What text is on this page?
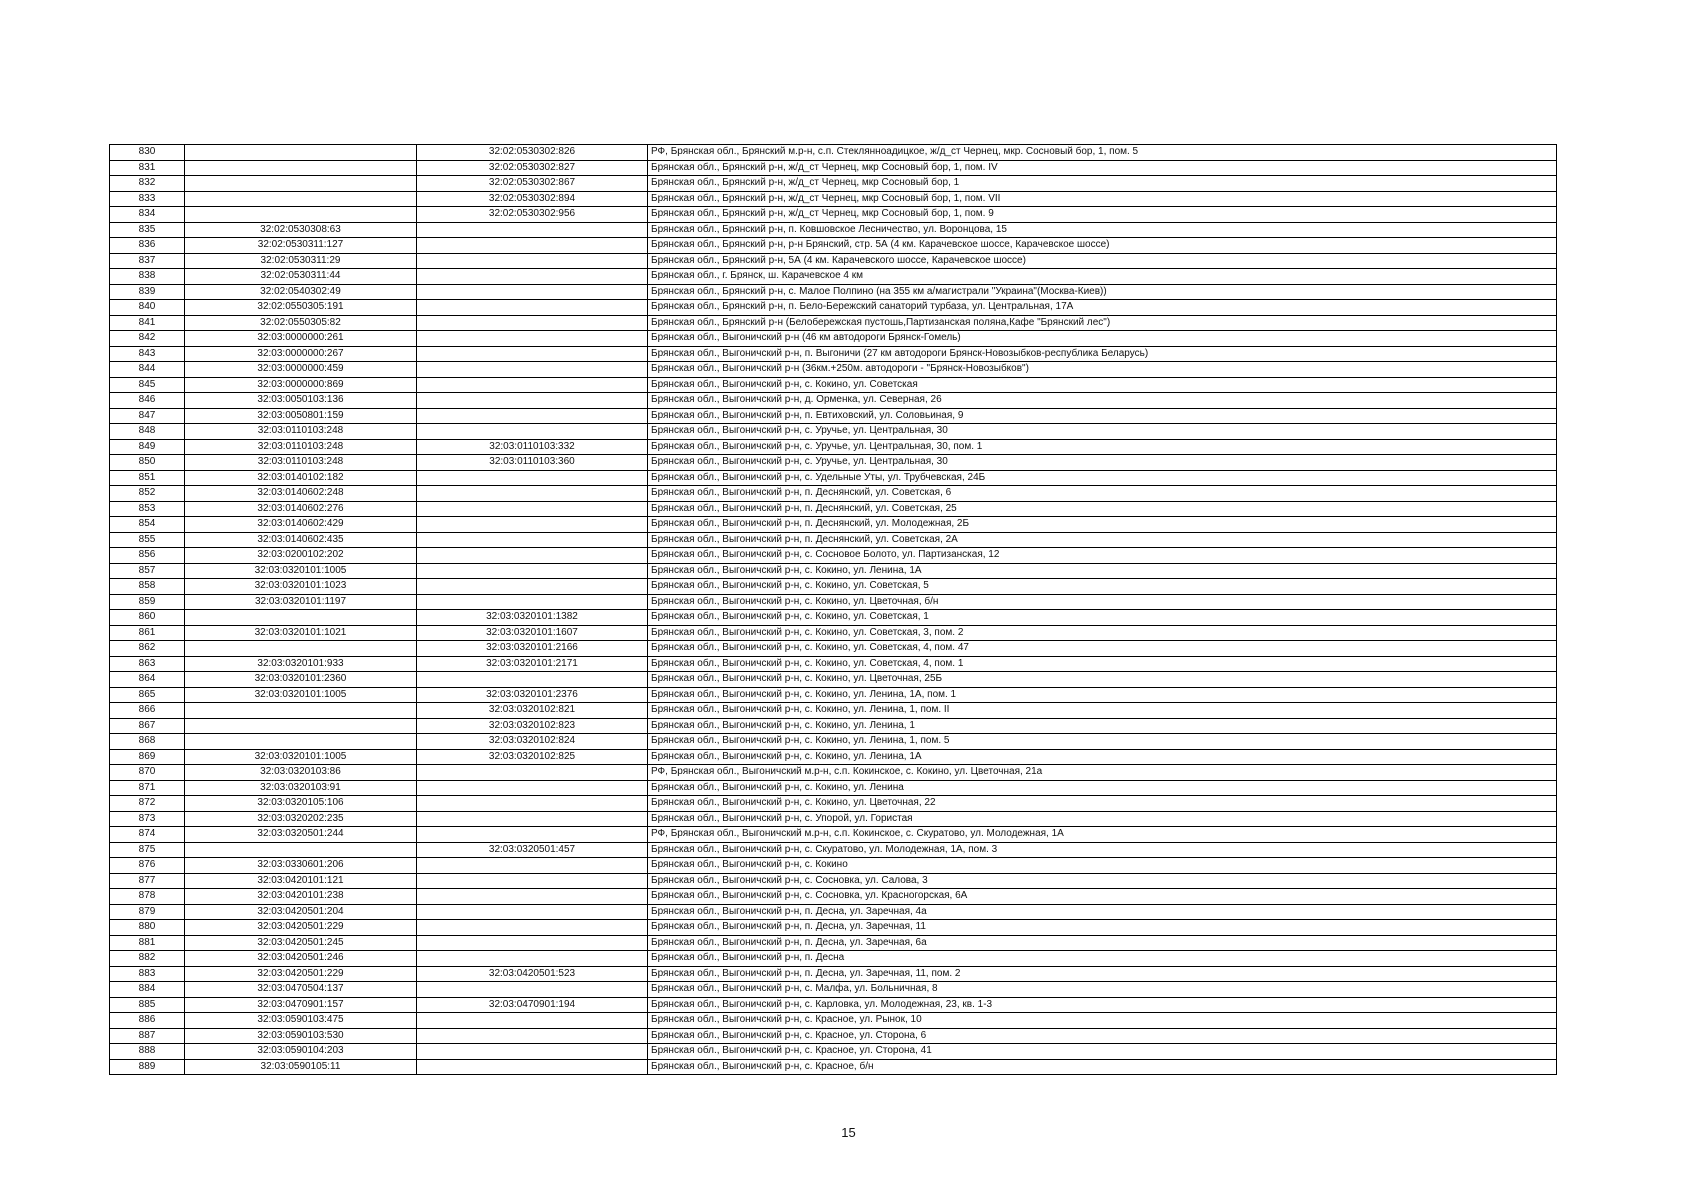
830		32:02:0530302:826	РФ, Брянская обл., Брянский м.р-н, с.п. Стеклянноадицкое, ж/д_ст Чернец, мкр. Сосновый бор, 1, пом. 5
831		32:02:0530302:827	Брянская обл., Брянский р-н, ж/д_ст Чернец, мкр Сосновый бор, 1, пом. IV
832		32:02:0530302:867	Брянская обл., Брянский р-н, ж/д_ст Чернец, мкр Сосновый бор, 1
833		32:02:0530302:894	Брянская обл., Брянский р-н, ж/д_ст Чернец, мкр Сосновый бор, 1, пом. VII
834		32:02:0530302:956	Брянская обл., Брянский р-н, ж/д_ст Чернец, мкр Сосновый бор, 1, пом. 9
835	32:02:0530308:63		Брянская обл., Брянский р-н, п. Ковшовское Лесничество, ул. Воронцова, 15
836	32:02:0530311:127		Брянская обл., Брянский р-н, р-н Брянский, стр. 5А (4 км. Карачевское шоссе, Карачевское шоссе)
837	32:02:0530311:29		Брянская обл., Брянский р-н, 5А (4 км. Карачевского шоссе, Карачевское шоссе)
838	32:02:0530311:44		Брянская обл., г. Брянск, ш. Карачевское 4 км
839	32:02:0540302:49		Брянская обл., Брянский р-н, с. Малое Полпино (на 355 км а/магистрали "Украина"(Москва-Киев))
840	32:02:0550305:191		Брянская обл., Брянский р-н, п. Бело-Бережский санаторий турбаза, ул. Центральная, 17А
841	32:02:0550305:82		Брянская обл., Брянский р-н (Белобережская пустошь,Партизанская поляна,Кафе "Брянский лес")
842	32:03:0000000:261		Брянская обл., Выгоничский р-н (46 км автодороги Брянск-Гомель)
843	32:03:0000000:267		Брянская обл., Выгоничский р-н, п. Выгоничи (27 км автодороги Брянск-Новозыбков-республика Беларусь)
844	32:03:0000000:459		Брянская обл., Выгоничский р-н (36км.+250м. автодороги - "Брянск-Новозыбков")
845	32:03:0000000:869		Брянская обл., Выгоничский р-н, с. Кокино, ул. Советская
846	32:03:0050103:136		Брянская обл., Выгоничский р-н, д. Орменка, ул. Северная, 26
847	32:03:0050801:159		Брянская обл., Выгоничский р-н, п. Евтиховский, ул. Соловьиная, 9
848	32:03:0110103:248		Брянская обл., Выгоничский р-н, с. Уручье, ул. Центральная, 30
849	32:03:0110103:248	32:03:0110103:332	Брянская обл., Выгоничский р-н, с. Уручье, ул. Центральная, 30, пом. 1
850	32:03:0110103:248	32:03:0110103:360	Брянская обл., Выгоничский р-н, с. Уручье, ул. Центральная, 30
851	32:03:0140102:182		Брянская обл., Выгоничский р-н, с. Удельные Уты, ул. Трубчевская, 24Б
852	32:03:0140602:248		Брянская обл., Выгоничский р-н, п. Деснянский, ул. Советская, 6
853	32:03:0140602:276		Брянская обл., Выгоничский р-н, п. Деснянский, ул. Советская, 25
854	32:03:0140602:429		Брянская обл., Выгоничский р-н, п. Деснянский, ул. Молодежная, 2Б
855	32:03:0140602:435		Брянская обл., Выгоничский р-н, п. Деснянский, ул. Советская, 2А
856	32:03:0200102:202		Брянская обл., Выгоничский р-н, с. Сосновое Болото, ул. Партизанская, 12
857	32:03:0320101:1005		Брянская обл., Выгоничский р-н, с. Кокино, ул. Ленина, 1А
858	32:03:0320101:1023		Брянская обл., Выгоничский р-н, с. Кокино, ул. Советская, 5
859	32:03:0320101:1197		Брянская обл., Выгоничский р-н, с. Кокино, ул. Цветочная, б/н
860		32:03:0320101:1382	Брянская обл., Выгоничский р-н, с. Кокино, ул. Советская, 1
861	32:03:0320101:1021	32:03:0320101:1607	Брянская обл., Выгоничский р-н, с. Кокино, ул. Советская, 3, пом. 2
862		32:03:0320101:2166	Брянская обл., Выгоничский р-н, с. Кокино, ул. Советская, 4, пом. 47
863	32:03:0320101:933	32:03:0320101:2171	Брянская обл., Выгоничский р-н, с. Кокино, ул. Советская, 4, пом. 1
864	32:03:0320101:2360		Брянская обл., Выгоничский р-н, с. Кокино, ул. Цветочная, 25Б
865	32:03:0320101:1005	32:03:0320101:2376	Брянская обл., Выгоничский р-н, с. Кокино, ул. Ленина, 1А, пом. 1
866		32:03:0320102:821	Брянская обл., Выгоничский р-н, с. Кокино, ул. Ленина, 1, пом. II
867		32:03:0320102:823	Брянская обл., Выгоничский р-н, с. Кокино, ул. Ленина, 1
868		32:03:0320102:824	Брянская обл., Выгоничский р-н, с. Кокино, ул. Ленина, 1, пом. 5
869	32:03:0320101:1005	32:03:0320102:825	Брянская обл., Выгоничский р-н, с. Кокино, ул. Ленина, 1А
870	32:03:0320103:86		РФ, Брянская обл., Выгоничский м.р-н, с.п. Кокинское, с. Кокино, ул. Цветочная, 21а
871	32:03:0320103:91		Брянская обл., Выгоничский р-н, с. Кокино, ул. Ленина
872	32:03:0320105:106		Брянская обл., Выгоничский р-н, с. Кокино, ул. Цветочная, 22
873	32:03:0320202:235		Брянская обл., Выгоничский р-н, с. Упорой, ул. Гористая
874	32:03:0320501:244		РФ, Брянская обл., Выгоничский м.р-н, с.п. Кокинское, с. Скуратово, ул. Молодежная, 1А
875		32:03:0320501:457	Брянская обл., Выгоничский р-н, с. Скуратово, ул. Молодежная, 1А, пом. 3
876	32:03:0330601:206		Брянская обл., Выгоничский р-н, с. Кокино
877	32:03:0420101:121		Брянская обл., Выгоничский р-н, с. Сосновка, ул. Салова, 3
878	32:03:0420101:238		Брянская обл., Выгоничский р-н, с. Сосновка, ул. Красногорская, 6А
879	32:03:0420501:204		Брянская обл., Выгоничский р-н, п. Десна, ул. Заречная, 4а
880	32:03:0420501:229		Брянская обл., Выгоничский р-н, п. Десна, ул. Заречная, 11
881	32:03:0420501:245		Брянская обл., Выгоничский р-н, п. Десна, ул. Заречная, 6а
882	32:03:0420501:246		Брянская обл., Выгоничский р-н, п. Десна
883	32:03:0420501:229	32:03:0420501:523	Брянская обл., Выгоничский р-н, п. Десна, ул. Заречная, 11, пом. 2
884	32:03:0470504:137		Брянская обл., Выгоничский р-н, с. Малфа, ул. Больничная, 8
885	32:03:0470901:157	32:03:0470901:194	Брянская обл., Выгоничский р-н, с. Карловка, ул. Молодежная, 23, кв. 1-3
886	32:03:0590103:475		Брянская обл., Выгоничский р-н, с. Красное, ул. Рынок, 10
887	32:03:0590103:530		Брянская обл., Выгоничский р-н, с. Красное, ул. Сторона, 6
888	32:03:0590104:203		Брянская обл., Выгоничский р-н, с. Красное, ул. Сторона, 41
889	32:03:0590105:11		Брянская обл., Выгоничский р-н, с. Красное, б/н
15
